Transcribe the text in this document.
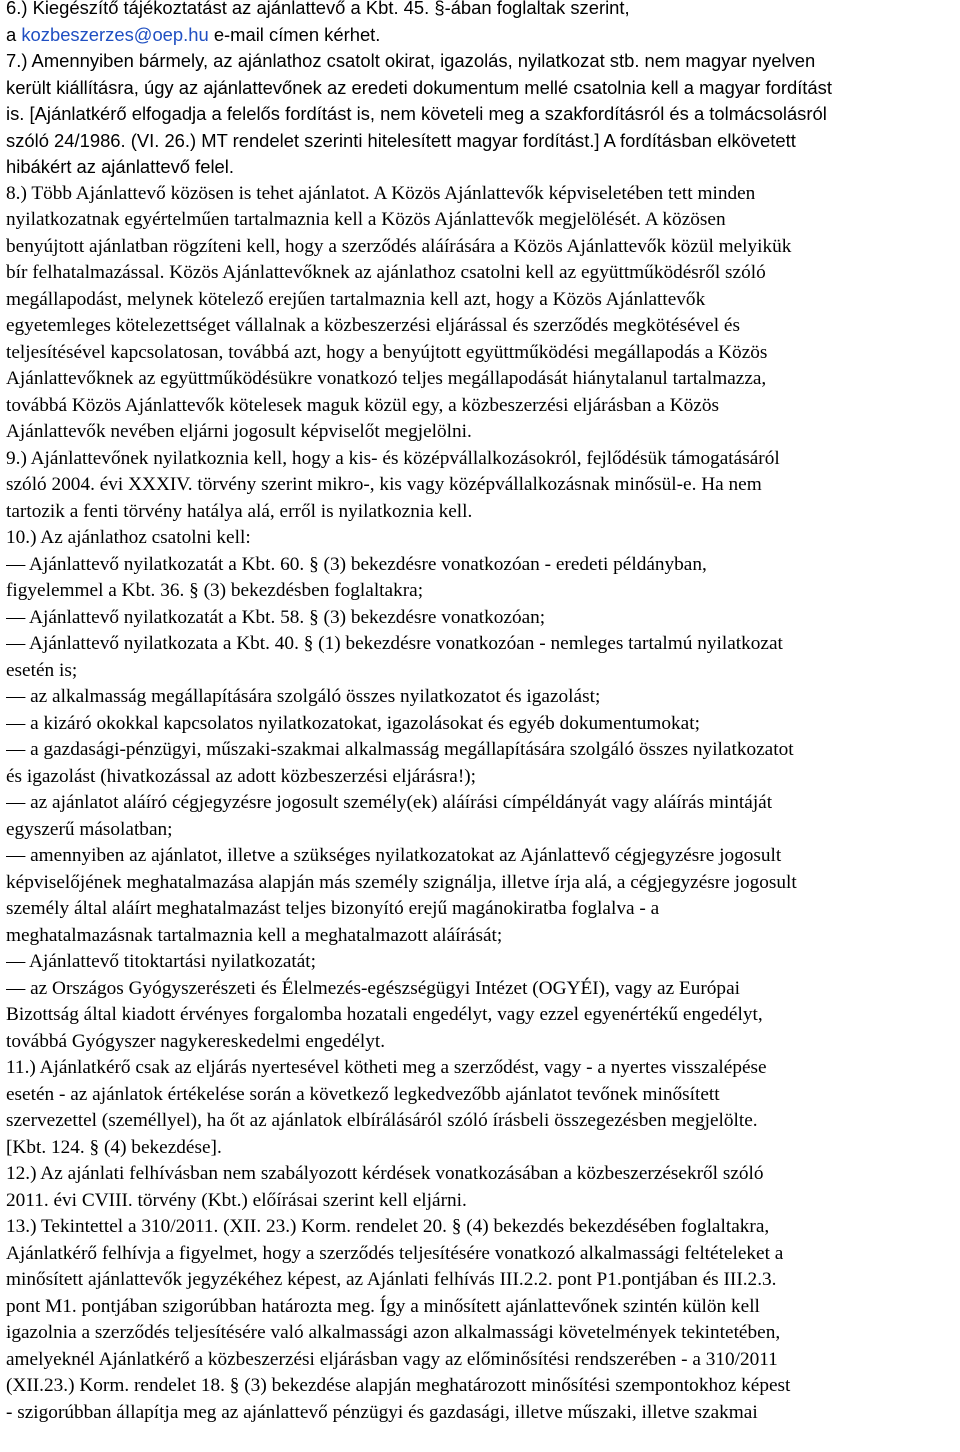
6.) Kiegészítő tájékoztatást az ajánlattevő a Kbt. 45. §-ában foglaltak szerint,
a kozbeszerzes@oep.hu e-mail címen kérhet.
7.) Amennyiben bármely, az ajánlathoz csatolt okirat, igazolás, nyilatkozat stb. nem magyar nyelven
került kiállításra, úgy az ajánlattevőnek az eredeti dokumentum mellé csatolnia kell a magyar fordítást
is. [Ajánlatkérő elfogadja a felelős fordítást is, nem követeli meg a szakfordításról és a tolmácsolásról
szóló 24/1986. (VI. 26.) MT rendelet szerinti hitelesített magyar fordítást.] A fordításban elkövetett
hibákért az ajánlattevő felel.
8.) Több Ajánlattevő közösen is tehet ajánlatot. A Közös Ajánlattevők képviseletében tett minden
nyilatkozatnak egyértelműen tartalmaznia kell a Közös Ajánlattevők megjelölését. A közösen
benyújtott ajánlatban rögzíteni kell, hogy a szerződés aláírására a Közös Ajánlattevők közül melyikük
bír felhatalmazással. Közös Ajánlattevőknek az ajánlathoz csatolni kell az együttműködésről szóló
megállapodást, melynek kötelező erejűen tartalmaznia kell azt, hogy a Közös Ajánlattevők
egyetemleges kötelezettséget vállalnak a közbeszerzési eljárással és szerződés megkötésével és
teljesítésével kapcsolatosan, továbbá azt, hogy a benyújtott együttműködési megállapodás a Közös
Ajánlattevőknek az együttműködésükre vonatkozó teljes megállapodását hiánytalanul tartalmazza,
továbbá Közös Ajánlattevők kötelesek maguk közül egy, a közbeszerzési eljárásban a Közös
Ajánlattevők nevében eljárni jogosult képviselőt megjelölni.
9.) Ajánlattevőnek nyilatkoznia kell, hogy a kis- és középvállalkozásokról, fejlődésük támogatásáról
szóló 2004. évi XXXIV. törvény szerint mikro-, kis vagy középvállalkozásnak minősül-e. Ha nem
tartozik a fenti törvény hatálya alá, erről is nyilatkoznia kell.
10.) Az ajánlathoz csatolni kell:
— Ajánlattevő nyilatkozatát a Kbt. 60. § (3) bekezdésre vonatkozóan - eredeti példányban,
figyelemmel a Kbt. 36. § (3) bekezdésben foglaltakra;
— Ajánlattevő nyilatkozatát a Kbt. 58. § (3) bekezdésre vonatkozóan;
— Ajánlattevő nyilatkozata a Kbt. 40. § (1) bekezdésre vonatkozóan - nemleges tartalmú nyilatkozat
esetén is;
— az alkalmasság megállapítására szolgáló összes nyilatkozatot és igazolást;
— a kizáró okokkal kapcsolatos nyilatkozatokat, igazolásokat és egyéb dokumentumokat;
— a gazdasági-pénzügyi, műszaki-szakmai alkalmasság megállapítására szolgáló összes nyilatkozatot
és igazolást (hivatkozással az adott közbeszerzési eljárásra!);
— az ajánlatot aláíró cégjegyzésre jogosult személy(ek) aláírási címpéldányát vagy aláírás mintáját
egyszerű másolatban;
— amennyiben az ajánlatot, illetve a szükséges nyilatkozatokat az Ajánlattevő cégjegyzésre jogosult
képviselőjének meghatalmazása alapján más személy szignálja, illetve írja alá, a cégjegyzésre jogosult
személy által aláírt meghatalmazást teljes bizonyító erejű magánokiratba foglalva - a
meghatalmazásnak tartalmaznia kell a meghatalmazott aláírását;
— Ajánlattevő titoktartási nyilatkozatát;
— az Országos Gyógyszerészeti és Élelmezés-egészségügyi Intézet (OGYÉI), vagy az Európai
Bizottság által kiadott érvényes forgalomba hozatali engedélyt, vagy ezzel egyenértékű engedélyt,
továbbá Gyógyszer nagykereskedelmi engedélyt.
11.) Ajánlatkérő csak az eljárás nyertesével kötheti meg a szerződést, vagy - a nyertes visszalépése
esetén - az ajánlatok értékelése során a következő legkedvezőbb ajánlatot tevőnek minősített
szervezettel (személlyel), ha őt az ajánlatok elbírálásáról szóló írásbeli összegezésben megjelölte.
[Kbt. 124. § (4) bekezdése].
12.) Az ajánlati felhívásban nem szabályozott kérdések vonatkozásában a közbeszerzésekről szóló
2011. évi CVIII. törvény (Kbt.) előírásai szerint kell eljárni.
13.) Tekintettel a 310/2011. (XII. 23.) Korm. rendelet 20. § (4) bekezdés bekezdésében foglaltakra,
Ajánlatkérő felhívja a figyelmet, hogy a szerződés teljesítésére vonatkozó alkalmassági feltételeket a
minősített ajánlattevők jegyzékéhez képest, az Ajánlati felhívás III.2.2. pont P1.pontjában és III.2.3.
pont M1. pontjában szigorúbban határozta meg. Így a minősített ajánlattevőnek szintén külön kell
igazolnia a szerződés teljesítésére való alkalmassági azon alkalmassági követelmények tekintetében,
amelyeknél Ajánlatkérő a közbeszerzési eljárásban vagy az előminősítési rendszerében - a 310/2011
(XII.23.) Korm. rendelet 18. § (3) bekezdése alapján meghatározott minősítési szempontokhoz képest
- szigorúbban állapítja meg az ajánlattevő pénzügyi és gazdasági, illetve műszaki, illetve szakmai
